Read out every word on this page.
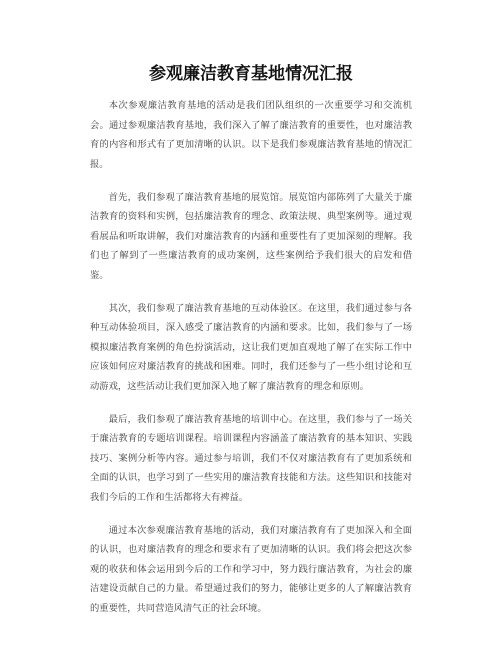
参观廉洁教育基地情况汇报

本次参观廉洁教育基地的活动是我们团队组织的一次重要学习和交流机会。通过参观廉洁教育基地，我们深入了解了廉洁教育的重要性，也对廉洁教育的内容和形式有了更加清晰的认识。以下是我们参观廉洁教育基地的情况汇报。

首先，我们参观了廉洁教育基地的展览馆。展览馆内部陈列了大量关于廉洁教育的资料和实例，包括廉洁教育的理念、政策法规、典型案例等。通过观看展品和听取讲解，我们对廉洁教育的内涵和重要性有了更加深刻的理解。我们也了解到了一些廉洁教育的成功案例，这些案例给予我们很大的启发和借鉴。

其次，我们参观了廉洁教育基地的互动体验区。在这里，我们通过参与各种互动体验项目，深入感受了廉洁教育的内涵和要求。比如，我们参与了一场模拟廉洁教育案例的角色扮演活动，这让我们更加直观地了解了在实际工作中应该如何应对廉洁教育的挑战和困难。同时，我们还参与了一些小组讨论和互动游戏，这些活动让我们更加深入地了解了廉洁教育的理念和原则。

最后，我们参观了廉洁教育基地的培训中心。在这里，我们参与了一场关于廉洁教育的专题培训课程。培训课程内容涵盖了廉洁教育的基本知识、实践技巧、案例分析等内容。通过参与培训，我们不仅对廉洁教育有了更加系统和全面的认识，也学习到了一些实用的廉洁教育技能和方法。这些知识和技能对我们今后的工作和生活都将大有裨益。

通过本次参观廉洁教育基地的活动，我们对廉洁教育有了更加深入和全面的认识，也对廉洁教育的理念和要求有了更加清晰的认识。我们将会把这次参观的收获和体会运用到今后的工作和学习中，努力践行廉洁教育，为社会的廉洁建设贡献自己的力量。希望通过我们的努力，能够让更多的人了解廉洁教育的重要性，共同营造风清气正的社会环境。
